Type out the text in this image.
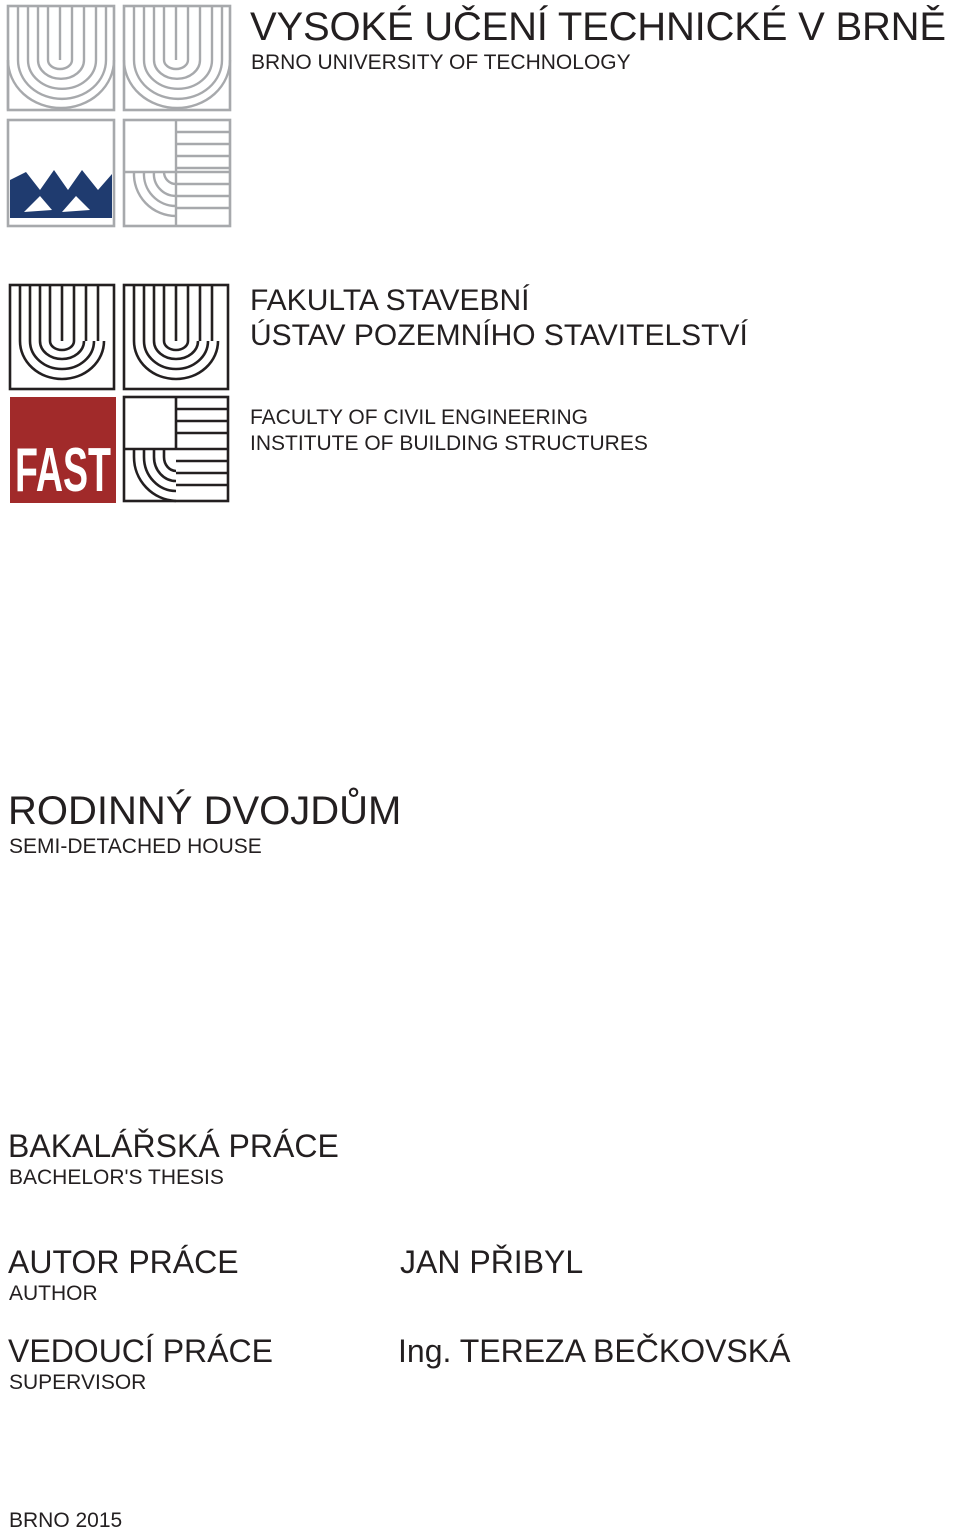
FAST
VYSOKÉ UČENÍ TECHNICKÉ V BRNĚ
BRNO UNIVERSITY OF TECHNOLOGY
FAKULTA STAVEBNÍ
ÚSTAV POZEMNÍHO STAVITELSTVÍ
FACULTY OF CIVIL ENGINEERING
INSTITUTE OF BUILDING STRUCTURES
RODINNÝ DVOJDŮM
SEMI-DETACHED HOUSE
BAKALÁŘSKÁ PRÁCE
BACHELOR'S THESIS
AUTOR PRÁCE
AUTHOR
JAN PŘIBYL
VEDOUCÍ PRÁCE
SUPERVISOR
Ing. TEREZA BEČKOVSKÁ
BRNO 2015
